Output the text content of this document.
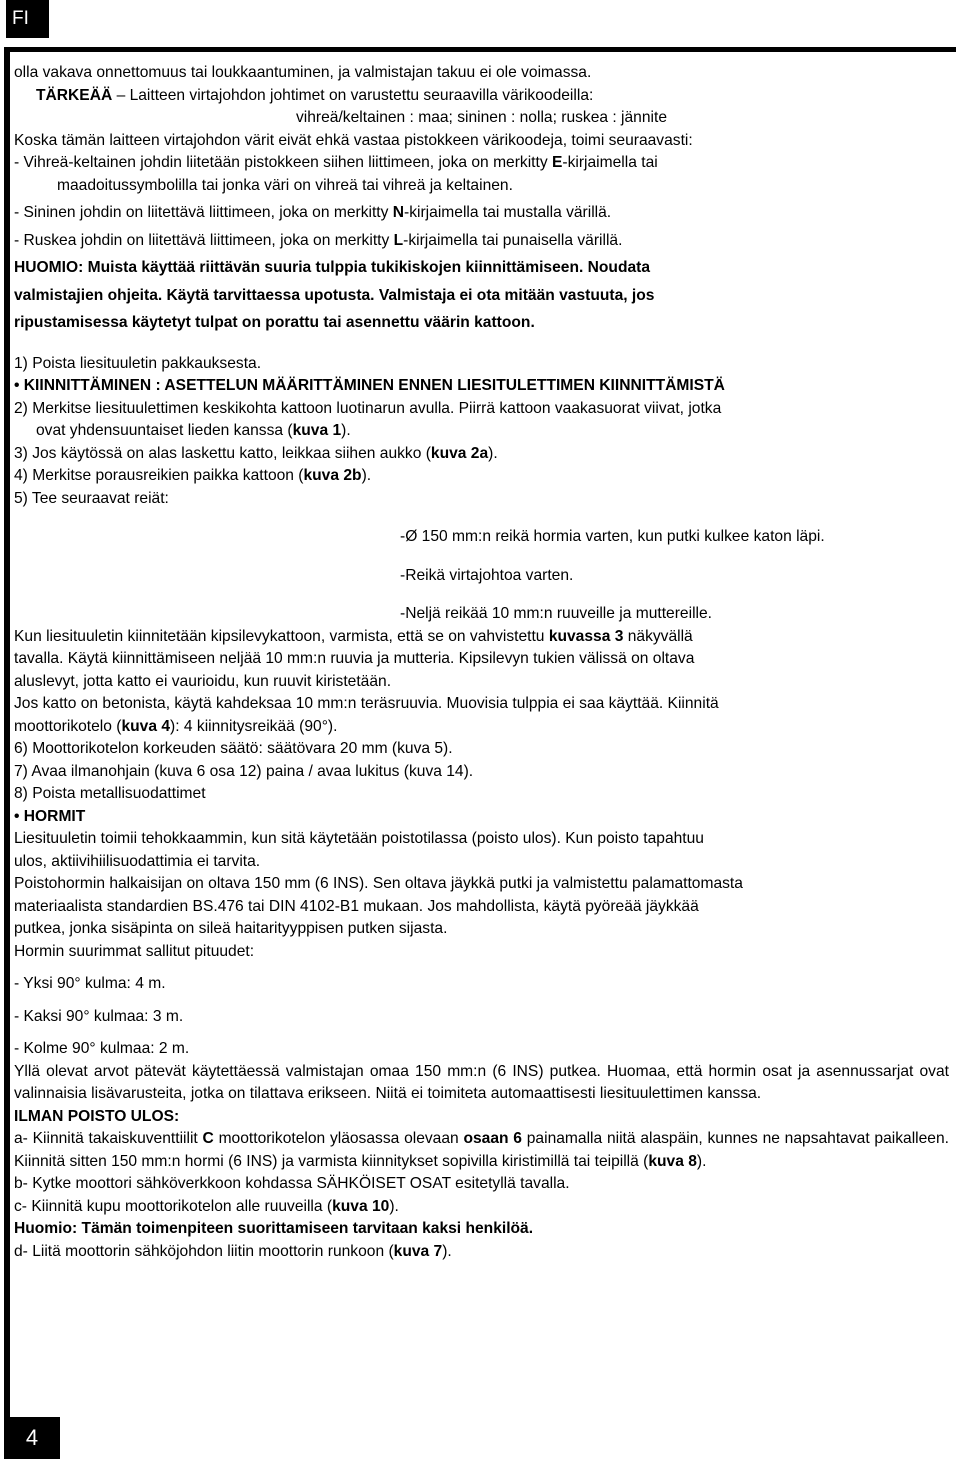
FI
4

olla vakava onnettomuus tai loukkaantuminen, ja valmistajan takuu ei ole voimassa.

TÄRKEÄÄ – Laitteen virtajohdon johtimet on varustettu seuraavilla värikoodeilla:

vihreä/keltainen : maa; sininen : nolla; ruskea : jännite

Koska tämän laitteen virtajohdon värit eivät ehkä vastaa pistokkeen värikoodeja, toimi seuraavasti:

- Vihreä-keltainen johdin liitetään pistokkeen siihen liittimeen, joka on merkitty E-kirjaimella tai

maadoitussymbolilla tai jonka väri on vihreä tai vihreä ja keltainen.

- Sininen johdin on liitettävä liittimeen, joka on merkitty N-kirjaimella tai mustalla värillä.

- Ruskea johdin on liitettävä liittimeen, joka on merkitty L-kirjaimella tai punaisella värillä.

HUOMIO: Muista käyttää riittävän suuria tulppia tukikiskojen kiinnittämiseen. Noudata

valmistajien ohjeita. Käytä tarvittaessa upotusta. Valmistaja ei ota mitään vastuuta, jos

ripustamisessa käytetyt tulpat on porattu tai asennettu väärin kattoon.

1) Poista liesituuletin pakkauksesta.

• KIINNITTÄMINEN : ASETTELUN MÄÄRITTÄMINEN ENNEN LIESITULETTIMEN KIINNITTÄMISTÄ

2) Merkitse liesituulettimen keskikohta kattoon luotinarun avulla. Piirrä kattoon vaakasuorat viivat, jotka

ovat yhdensuuntaiset lieden kanssa (kuva 1).

3) Jos käytössä on alas laskettu katto, leikkaa siihen aukko (kuva 2a).

4) Merkitse porausreikien paikka kattoon (kuva 2b).

5) Tee seuraavat reiät:

-Ø 150 mm:n reikä hormia varten, kun putki kulkee katon läpi.

-Reikä virtajohtoa varten.

-Neljä reikää 10 mm:n ruuveille ja muttereille.

Kun liesituuletin kiinnitetään kipsilevykattoon, varmista, että se on vahvistettu kuvassa 3 näkyvällä

tavalla. Käytä kiinnittämiseen neljää 10 mm:n ruuvia ja mutteria. Kipsilevyn tukien välissä on oltava

aluslevyt, jotta katto ei vaurioidu, kun ruuvit kiristetään.

Jos katto on betonista, käytä kahdeksaa 10 mm:n teräsruuvia. Muovisia tulppia ei saa käyttää. Kiinnitä

moottorikotelo (kuva 4): 4 kiinnitysreikää (90°).

6) Moottorikotelon korkeuden säätö: säätövara 20 mm (kuva 5).

7) Avaa ilmanohjain (kuva 6 osa 12) paina / avaa lukitus (kuva 14).

8) Poista metallisuodattimet

• HORMIT

Liesituuletin toimii tehokkaammin, kun sitä käytetään poistotilassa (poisto ulos). Kun poisto tapahtuu

ulos, aktiivihiilisuodattimia ei tarvita.

Poistohormin halkaisijan on oltava 150 mm (6 INS). Sen oltava jäykkä putki ja valmistettu palamattomasta

materiaalista standardien BS.476 tai DIN 4102-B1 mukaan. Jos mahdollista, käytä pyöreää jäykkää

putkea, jonka sisäpinta on sileä haitarityyppisen putken sijasta.

Hormin suurimmat sallitut pituudet:

- Yksi 90° kulma: 4 m.

- Kaksi 90° kulmaa: 3 m.

- Kolme 90° kulmaa: 2 m.

Yllä olevat arvot pätevät käytettäessä valmistajan omaa 150 mm:n (6 INS) putkea. Huomaa, että hormin osat ja asennussarjat ovat valinnaisia lisävarusteita, jotka on tilattava erikseen. Niitä ei toimiteta automaattisesti liesituulettimen kanssa.

ILMAN POISTO ULOS:

a- Kiinnitä takaiskuventtiilit C moottorikotelon yläosassa olevaan osaan 6 painamalla niitä alaspäin, kunnes ne napsahtavat paikalleen. Kiinnitä sitten 150 mm:n hormi (6 INS) ja varmista kiinnitykset sopivilla kiristimillä tai teipillä (kuva 8).

b- Kytke moottori sähköverkkoon kohdassa SÄHKÖISET OSAT esitetyllä tavalla.

c- Kiinnitä kupu moottorikotelon alle ruuveilla (kuva 10).

Huomio: Tämän toimenpiteen suorittamiseen tarvitaan kaksi henkilöä.

d- Liitä moottorin sähköjohdon liitin moottorin runkoon (kuva 7).
